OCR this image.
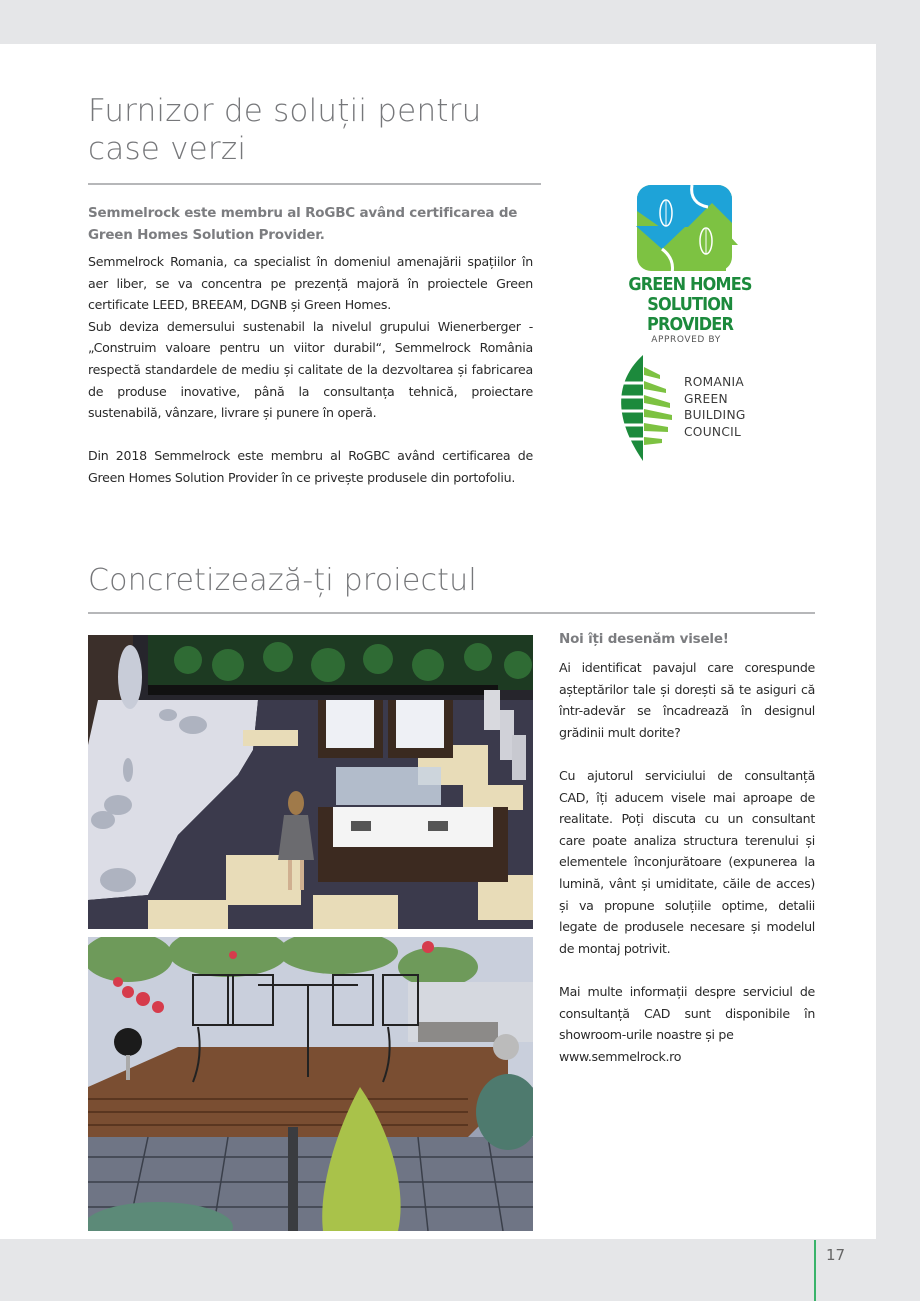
Furnizor de soluții pentru
case verzi

Semmelrock este membru al RoGBC având certificarea de
Green Homes Solution Provider.

Semmelrock Romania, ca specialist în domeniul amenajării spațiilor în aer liber, se va concentra pe prezență majoră în proiectele Green certificate LEED, BREEAM, DGNB și Green Homes.

Sub deviza demersului sustenabil la nivelul grupului Wienerberger - „Construim valoare pentru un viitor durabil“, Semmelrock România respectă standardele de mediu și calitate de la dezvoltarea și fabricarea de produse inovative, până la consultanța tehnică, proiectare sustenabilă, vânzare, livrare și punere în operă.

Din 2018 Semmelrock este membru al RoGBC având certificarea de Green Homes Solution Provider în ce privește produsele din portofoliu.

GREEN HOMES
SOLUTION PROVIDER
APPROVED BY
ROMANIA
GREEN
BUILDING
COUNCIL
Concretizează-ți proiectul

Noi îți desenăm visele!

Ai identificat pavajul care corespunde așteptărilor tale și dorești să te asiguri că într-adevăr se încadrează în designul grădinii mult dorite?

Cu ajutorul serviciului de consultanță CAD, îți aducem visele mai aproape de realitate. Poți discuta cu un consultant care poate analiza structura terenului și elementele înconjurătoare (expunerea la lumină, vânt și umiditate, căile de acces) și va propune soluțiile optime, detalii legate de produsele necesare și modelul de montaj potrivit.

Mai multe informații despre serviciul de consultanță CAD sunt disponibile în showroom-urile noastre și pe

www.semmelrock.ro

17
